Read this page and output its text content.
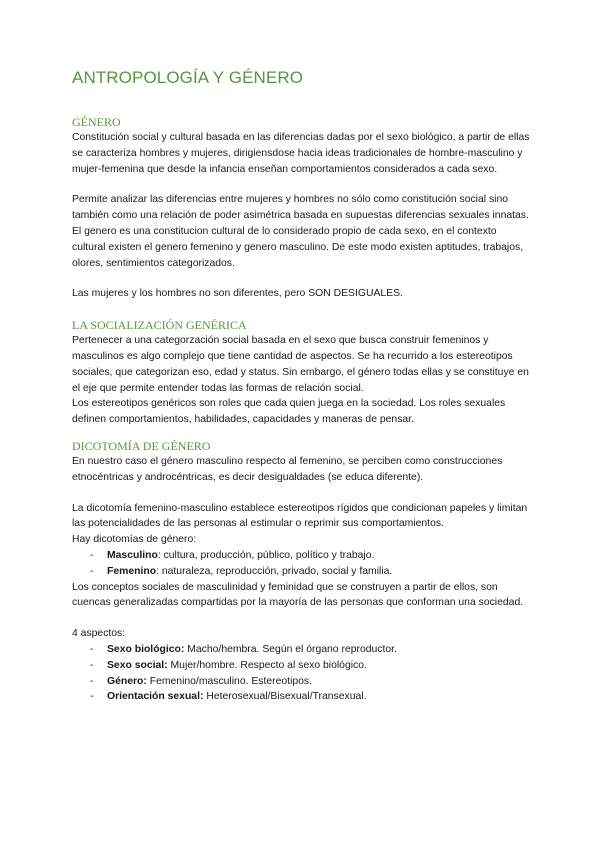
ANTROPOLOGÍA Y GÉNERO
GÉNERO

Constitución social y cultural basada en las diferencias dadas por el sexo biológico, a partir de ellas se caracteriza hombres y mujeres, dirigiensdose hacia ideas tradicionales de hombre-masculino y mujer-femenina que desde la infancia enseñan comportamientos considerados a cada sexo.

Permite analizar las diferencias entre mujeres y hombres no sólo como constitución social sino también como una relación de poder asimétrica basada en supuestas diferencias sexuales innatas.

El genero es una constitucion cultural de lo considerado propio de cada sexo, en el contexto cultural existen el genero femenino y genero masculino. De este modo existen aptitudes, trabajos, olores, sentimientos categorizados.

Las mujeres y los hombres no son diferentes, pero SON DESIGUALES.

LA SOCIALIZACIÓN GENÉRICA

Pertenecer a una categorzación social basada en el sexo que busca construir femeninos y masculinos es algo complejo que tiene cantidad de aspectos. Se ha recurrido a los estereotipos sociales, que categorizan eso, edad y status. Sin embargo, el género todas ellas y se constituye en el eje que permite entender todas las formas de relación social.

Los estereotipos genéricos son roles que cada quien juega en la sociedad. Los roles sexuales definen comportamientos, habilidades, capacidades y maneras de pensar.

DICOTOMÍA DE GÉNERO

En nuestro caso el género masculino respecto al femenino, se perciben como construcciones etnocéntricas y androcéntricas, es decir desigualdades (se educa diferente).

La dicotomía femenino-masculino establece estereotipos rígidos que condicionan papeles y limitan las potencialidades de las personas al estimular o reprimir sus comportamientos.

Hay dicotomías de género:

- Masculino: cultura, producción, público, político y trabajo.
- Femenino: naturaleza, reproducción, privado, social y familia.

Los conceptos sociales de masculinidad y feminidad que se construyen a partir de ellos, son cuencas generalizadas compartidas por la mayoría de las personas que conforman una sociedad.

4 aspectos:

- Sexo biológico: Macho/hembra. Según el órgano reproductor.
- Sexo social: Mujer/hombre. Respecto al sexo biológico.
- Género: Femenino/masculino. Estereotipos.
- Orientación sexual: Heterosexual/Bisexual/Transexual.
